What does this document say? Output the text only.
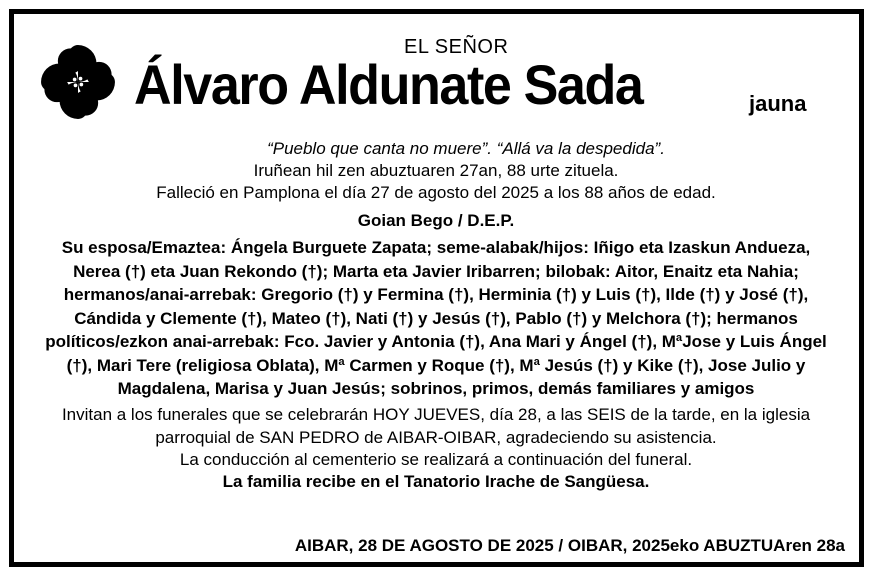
EL SEÑOR
Álvaro Aldunate Sada	jauna

“Pueblo que canta no muere”. “Allá va la despedida”.

Iruñean hil zen abuztuaren 27an, 88 urte zituela.

Falleció en Pamplona el día 27 de agosto del 2025 a los 88 años de edad.

Goian Bego / D.E.P.

Su esposa/Emaztea: Ángela Burguete Zapata; seme-alabak/hijos: Iñigo eta Izaskun Andueza, Nerea (†) eta Juan Rekondo (†); Marta eta Javier Iribarren; bilobak: Aitor, Enaitz eta Nahia; hermanos/anai-arrebak: Gregorio (†) y Fermina (†), Herminia (†) y Luis (†), Ilde (†) y José (†), Cándida y Clemente (†), Mateo (†), Nati (†) y Jesús (†), Pablo (†) y Melchora (†); hermanos políticos/ezkon anai-arrebak: Fco. Javier y Antonia (†), Ana Mari y Ángel (†), MªJose y Luis Ángel (†), Mari Tere (religiosa Oblata), Mª Carmen y Roque (†), Mª Jesús (†) y Kike (†), Jose Julio y Magdalena, Marisa y Juan Jesús; sobrinos, primos, demás familiares y amigos

Invitan a los funerales que se celebrarán HOY JUEVES, día 28, a las SEIS de la tarde, en la iglesia parroquial de SAN PEDRO de AIBAR-OIBAR, agradeciendo su asistencia.

La conducción al cementerio se realizará a continuación del funeral.

La familia recibe en el Tanatorio Irache de Sangüesa.

AIBAR, 28 DE AGOSTO DE 2025 / OIBAR, 2025eko ABUZTUAren 28a
